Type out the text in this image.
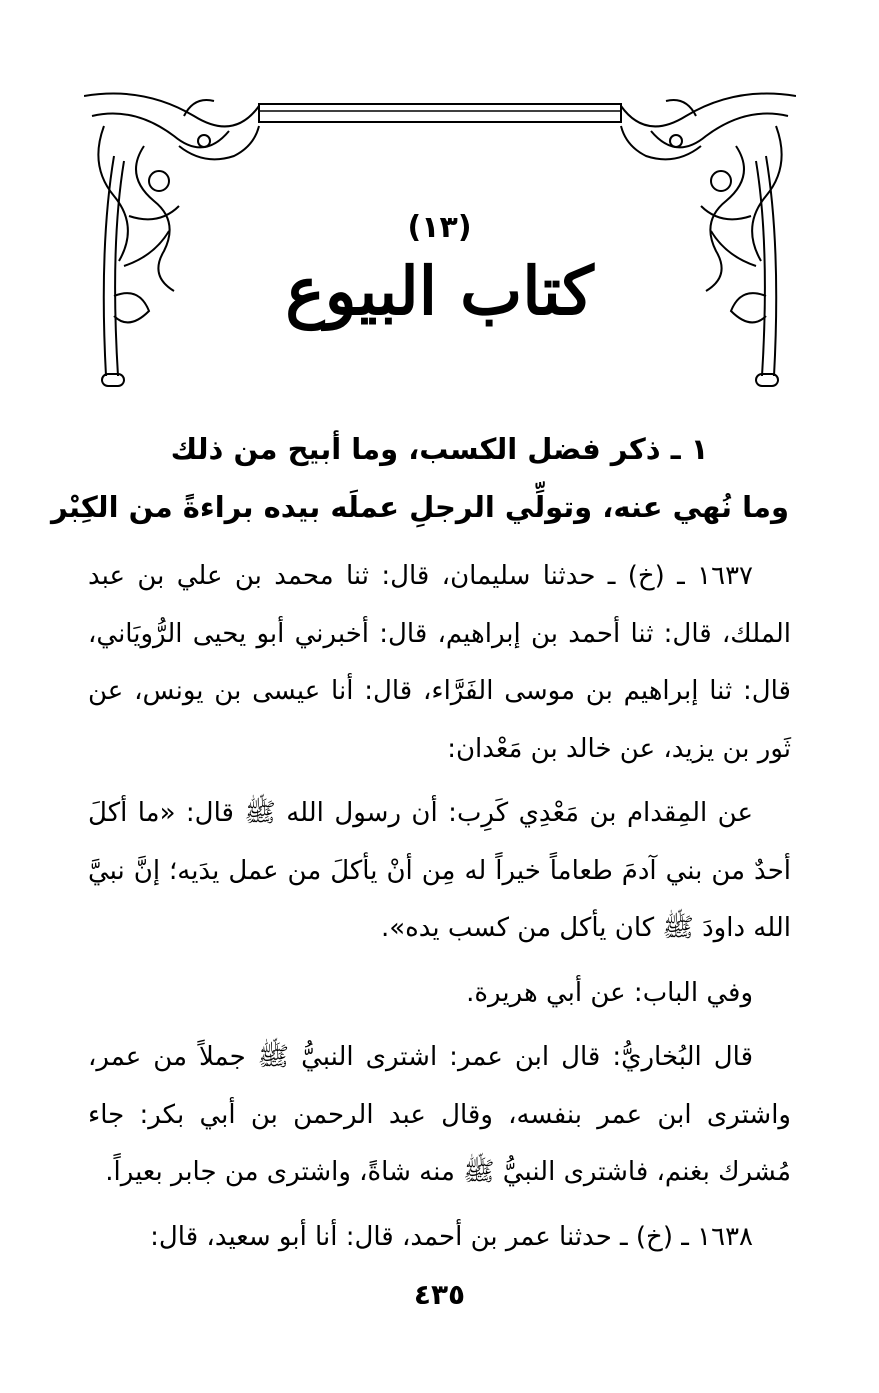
(١٣)
كتاب البيوع
١ ـ ذكر فضل الكسب، وما أبيح من ذلك
وما نُهي عنه، وتولِّي الرجلِ عملَه بيده براءةً من الكِبْر

١٦٣٧ ـ (خ) ـ حدثنا سليمان، قال: ثنا محمد بن علي بن عبد الملك، قال: ثنا أحمد بن إبراهيم، قال: أخبرني أبو يحيى الرُّويَاني، قال: ثنا إبراهيم بن موسى الفَرَّاء، قال: أنا عيسى بن يونس، عن ثَور بن يزيد، عن خالد بن مَعْدان:

عن المِقدام بن مَعْدِي كَرِب: أن رسول الله ﷺ قال: «ما أكلَ أحدٌ من بني آدمَ طعاماً خيراً له مِن أنْ يأكلَ من عمل يدَيه؛ إنَّ نبيَّ الله داودَ ﷺ كان يأكل من كسب يده».

وفي الباب: عن أبي هريرة.

قال البُخاريُّ: قال ابن عمر: اشترى النبيُّ ﷺ جملاً من عمر، واشترى ابن عمر بنفسه، وقال عبد الرحمن بن أبي بكر: جاء مُشرك بغنم، فاشترى النبيُّ ﷺ منه شاةً، واشترى من جابر بعيراً.

١٦٣٨ ـ (خ) ـ حدثنا عمر بن أحمد، قال: أنا أبو سعيد، قال:

٤٣٥
